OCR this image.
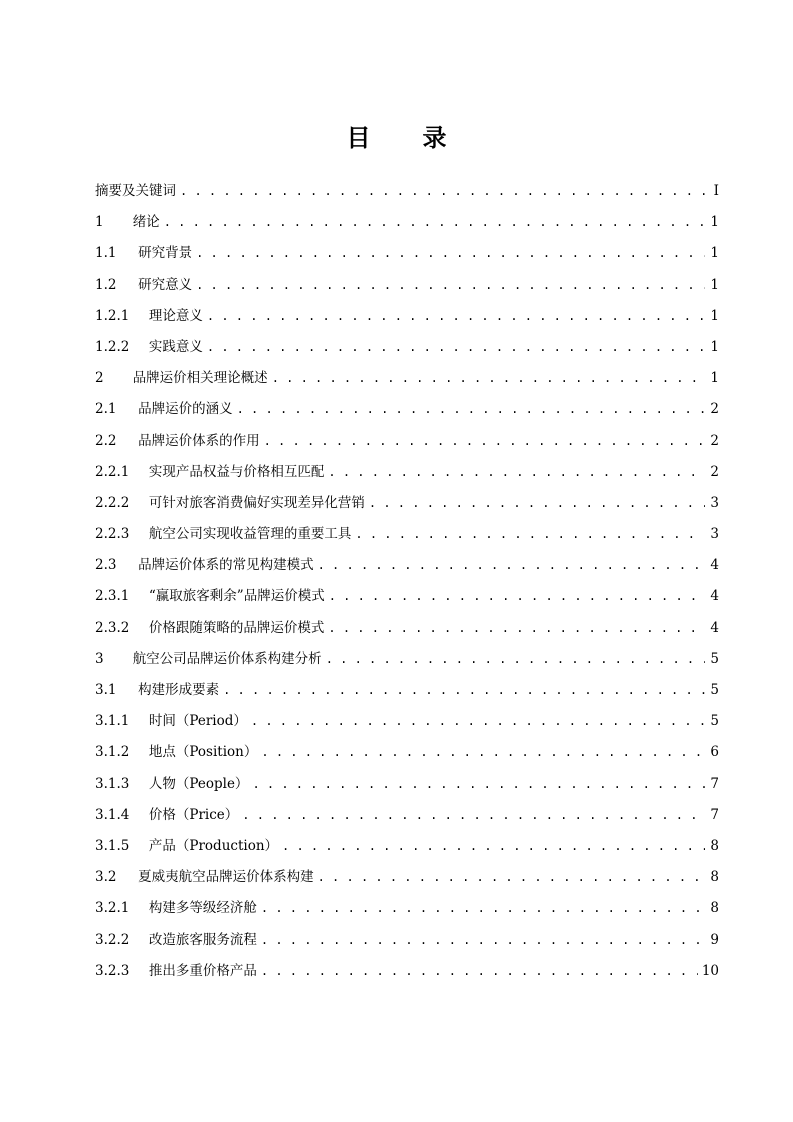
目 录
摘要及关键词 . . .	I
1 绪论 . . .	1
1.1 研究背景 . . .	1
1.2 研究意义 . . .	1
1.2.1 理论意义 . . .	1
1.2.2 实践意义 . . .	1
2 品牌运价相关理论概述 . . .	1
2.1 品牌运价的涵义 . . .	2
2.2 品牌运价体系的作用 . . .	2
2.2.1 实现产品权益与价格相互匹配 . . .	2
2.2.2 可针对旅客消费偏好实现差异化营销 . . .	3
2.2.3 航空公司实现收益管理的重要工具 . . .	3
2.3 品牌运价体系的常见构建模式 . . .	4
2.3.1 “赢取旅客剩余”品牌运价模式 . . .	4
2.3.2 价格跟随策略的品牌运价模式 . . .	4
3 航空公司品牌运价体系构建分析 . . .	5
3.1 构建形成要素 . . .	5
3.1.1 时间（Period） . . .	5
3.1.2 地点（Position） . . .	6
3.1.3 人物（People） . . .	7
3.1.4 价格（Price） . . .	7
3.1.5 产品（Production） . . .	8
3.2 夏威夷航空品牌运价体系构建 . . .	8
3.2.1 构建多等级经济舱 . . .	8
3.2.2 改造旅客服务流程 . . .	9
3.2.3 推出多重价格产品 . . .	10
